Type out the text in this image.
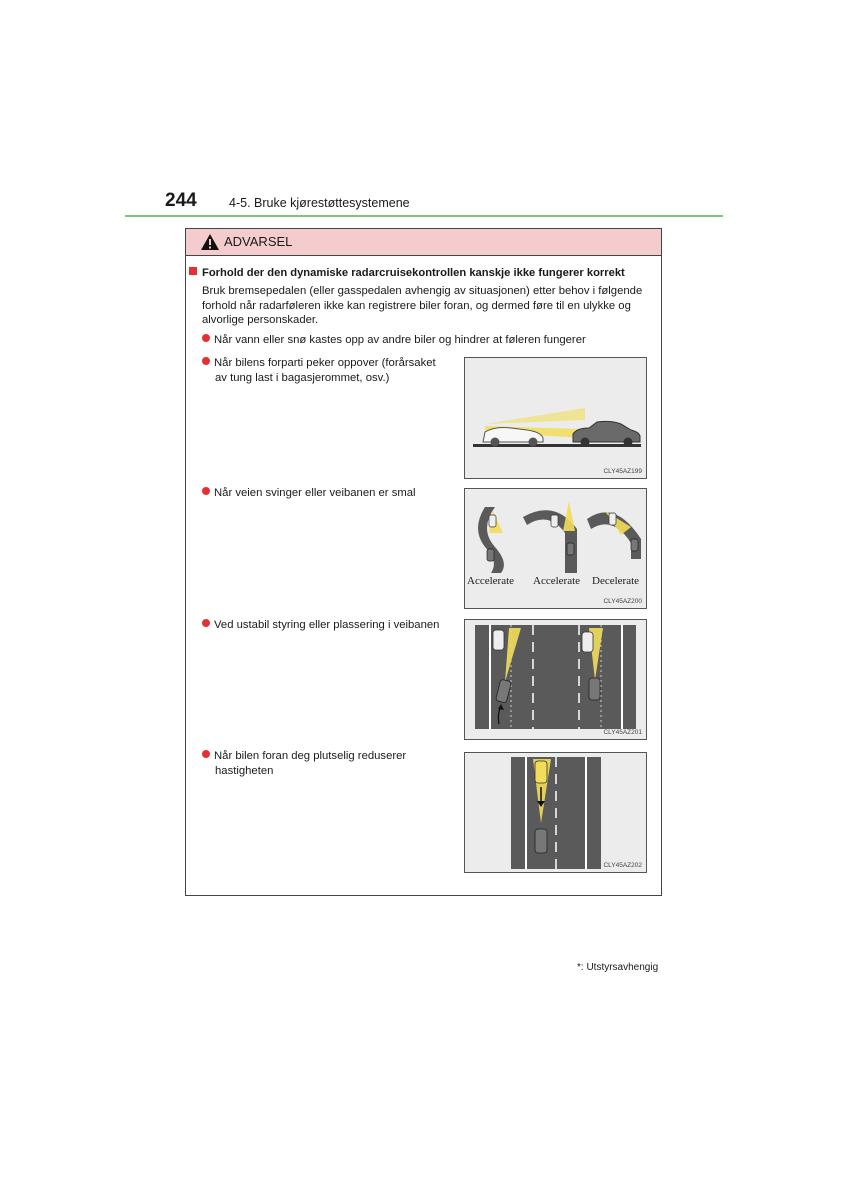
244	4-5. Bruke kjørestøttesystemene
ADVARSEL
Forhold der den dynamiske radarcruisekontrollen kanskje ikke fungerer korrekt
Bruk bremsepedalen (eller gasspedalen avhengig av situasjonen) etter behov i følgende forhold når radarføleren ikke kan registrere biler foran, og dermed føre til en ulykke og alvorlige personskader.
Når vann eller snø kastes opp av andre biler og hindrer at føleren fungerer
Når bilens forparti peker oppover (forårsaket
av tung last i bagasjerommet, osv.)
Når veien svinger eller veibanen er smal
Ved ustabil styring eller plassering i veibanen
Når bilen foran deg plutselig reduserer
hastigheten
CLY45AZ199
Accelerate Accelerate Decelerate
CLY45AZ200
CLY45AZ201
CLY45AZ202
*: Utstyrsavhengig
